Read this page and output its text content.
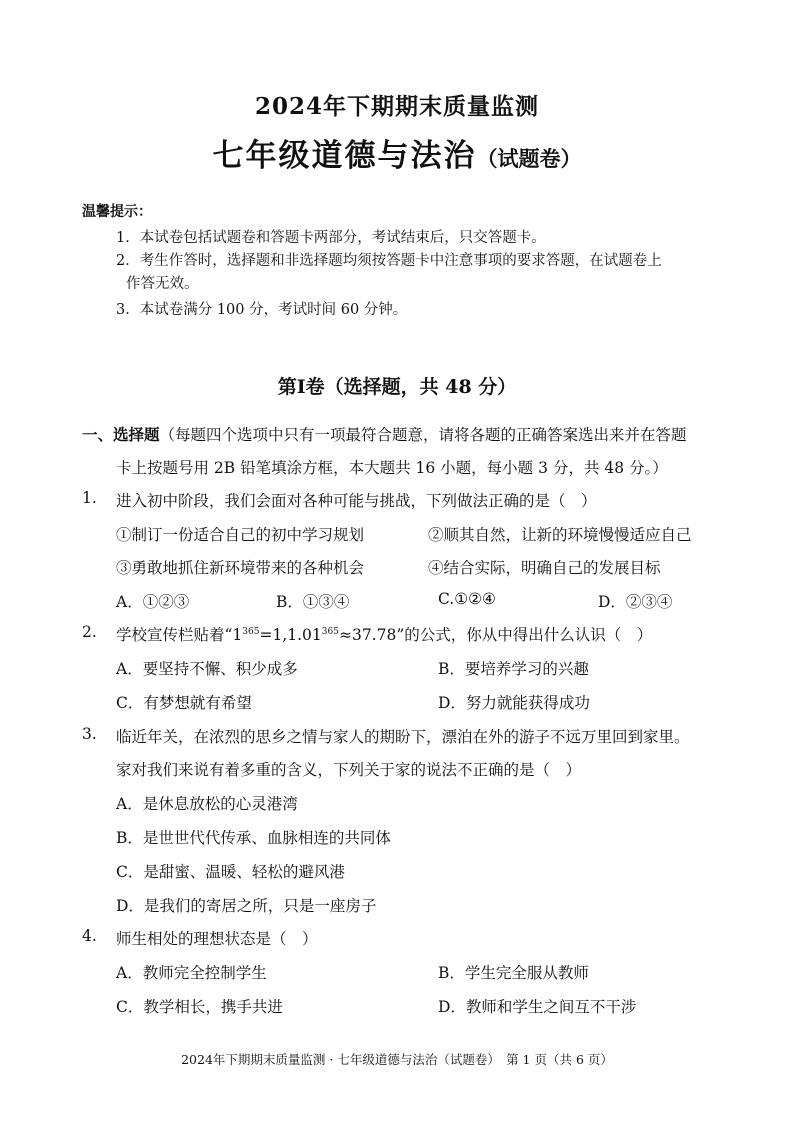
2024年下期期末质量监测
七年级道德与法治（试题卷）
温馨提示：
1．本试卷包括试题卷和答题卡两部分，考试结束后，只交答题卡。
2．考生作答时，选择题和非选择题均须按答题卡中注意事项的要求答题，在试题卷上
作答无效。
3．本试卷满分 100 分，考试时间 60 分钟。
第Ⅰ卷（选择题，共 48 分）
一、选择题（每题四个选项中只有一项最符合题意，请将各题的正确答案选出来并在答题
卡上按题号用 2B 铅笔填涂方框，本大题共 16 小题，每小题 3 分，共 48 分。）
1. 进入初中阶段，我们会面对各种可能与挑战，下列做法正确的是（　）
①制订一份适合自己的初中学习规划	②顺其自然，让新的环境慢慢适应自己
③勇敢地抓住新环境带来的各种机会	④结合实际，明确自己的发展目标
A．①②③	B．①③④	C.①②④	D．②③④
2. 学校宣传栏贴着“$1^{365}=1,1.01^{365}\approx 37.78$”的公式，你从中得出什么认识（　）
A．要坚持不懈、积少成多	B．要培养学习的兴趣
C．有梦想就有希望	D．努力就能获得成功
3. 临近年关，在浓烈的思乡之情与家人的期盼下，漂泊在外的游子不远万里回到家里。
家对我们来说有着多重的含义，下列关于家的说法不正确的是（　）
A．是休息放松的心灵港湾
B．是世世代代传承、血脉相连的共同体
C．是甜蜜、温暖、轻松的避风港
D．是我们的寄居之所，只是一座房子
4. 师生相处的理想状态是（　）
A．教师完全控制学生	B．学生完全服从教师
C．教学相长，携手共进	D．教师和学生之间互不干涉
2024年下期期末质量监测 · 七年级道德与法治（试题卷）　第 1 页（共 6 页）
